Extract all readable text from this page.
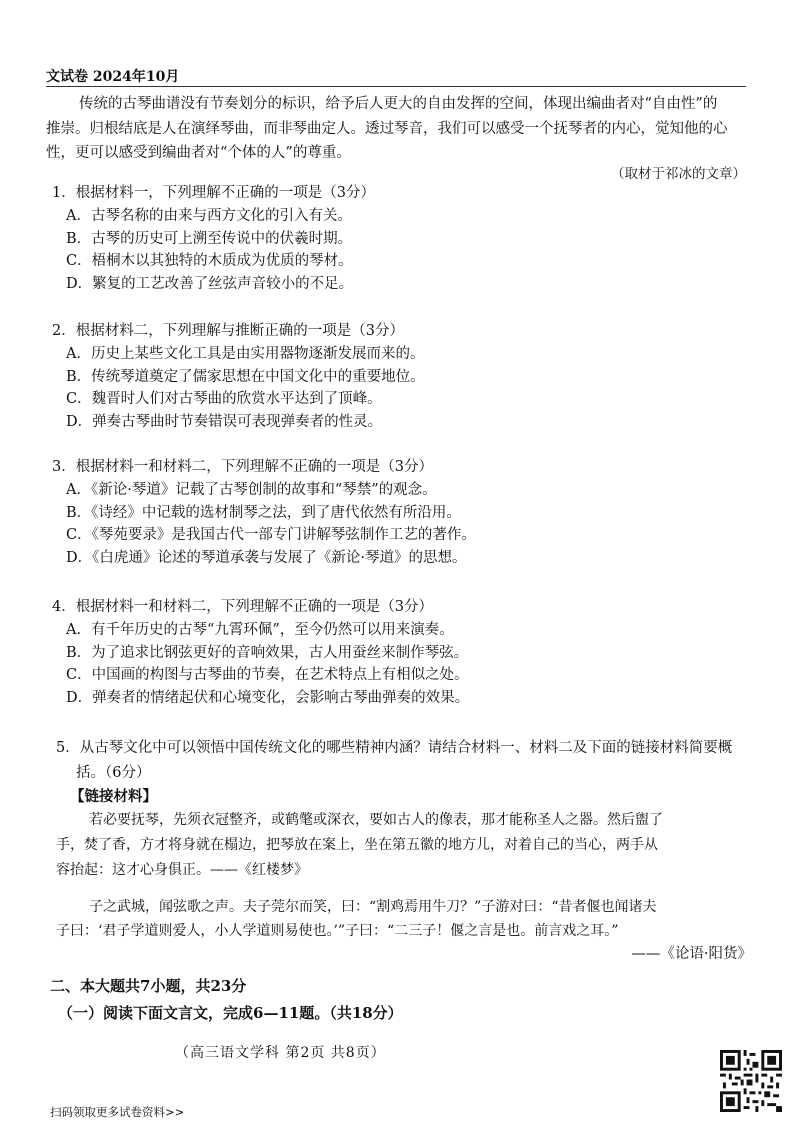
文试卷 2024年10月
传统的古琴曲谱没有节奏划分的标识，给予后人更大的自由发挥的空间，体现出编曲者对“自由性”的
推崇。归根结底是人在演绎琴曲，而非琴曲定人。透过琴音，我们可以感受一个抚琴者的内心，觉知他的心
性，更可以感受到编曲者对“个体的人”的尊重。
（取材于祁冰的文章）
1．根据材料一，下列理解不正确的一项是（3分）
A．古琴名称的由来与西方文化的引入有关。
B．古琴的历史可上溯至传说中的伏羲时期。
C．梧桐木以其独特的木质成为优质的琴材。
D．繁复的工艺改善了丝弦声音较小的不足。
2．根据材料二，下列理解与推断正确的一项是（3分）
A．历史上某些文化工具是由实用器物逐渐发展而来的。
B．传统琴道奠定了儒家思想在中国文化中的重要地位。
C．魏晋时人们对古琴曲的欣赏水平达到了顶峰。
D．弹奏古琴曲时节奏错误可表现弹奏者的性灵。
3．根据材料一和材料二，下列理解不正确的一项是（3分）
A．《新论·琴道》记载了古琴创制的故事和“琴禁”的观念。
B．《诗经》中记载的选材制琴之法，到了唐代依然有所沿用。
C．《琴苑要录》是我国古代一部专门讲解琴弦制作工艺的著作。
D．《白虎通》论述的琴道承袭与发展了《新论·琴道》的思想。
4．根据材料一和材料二，下列理解不正确的一项是（3分）
A．有千年历史的古琴“九霄环佩”，至今仍然可以用来演奏。
B．为了追求比钢弦更好的音响效果，古人用蚕丝来制作琴弦。
C．中国画的构图与古琴曲的节奏，在艺术特点上有相似之处。
D．弹奏者的情绪起伏和心境变化，会影响古琴曲弹奏的效果。
5．从古琴文化中可以领悟中国传统文化的哪些精神内涵？请结合材料一、材料二及下面的链接材料简要概
括。（6分）
【链接材料】
若必要抚琴，先须衣冠整齐，或鹤氅或深衣，要如古人的像表，那才能称圣人之器。然后盥了
手，焚了香，方才将身就在榻边，把琴放在案上，坐在第五徽的地方儿，对着自己的当心，两手从
容抬起：这才心身俱正。——《红楼梦》
子之武城，闻弦歌之声。夫子莞尔而笑，曰：“割鸡焉用牛刀？”子游对曰：“昔者偃也闻诸夫
子曰：‘君子学道则爱人，小人学道则易使也。’”子曰：“二三子！偃之言是也。前言戏之耳。”
——《论语·阳货》
二、本大题共7小题，共23分
（一）阅读下面文言文，完成6—11题。（共18分）
（高三语文学科 第2页 共8页）
扫码领取更多试卷资料>>
